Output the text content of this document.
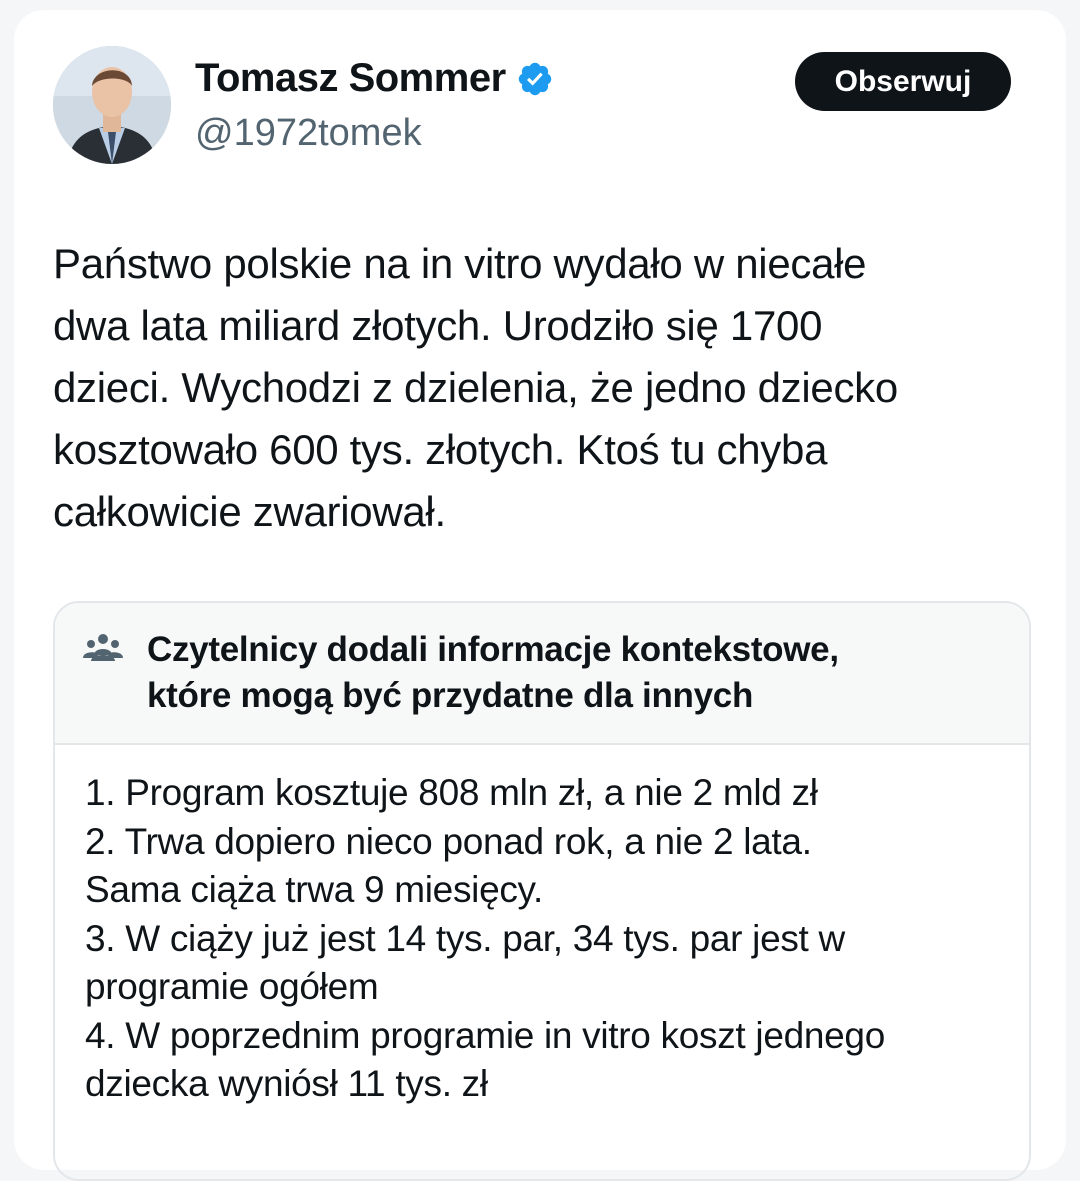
Tomasz Sommer
@1972tomek
Obserwuj

Państwo polskie na in vitro wydało w niecałe
dwa lata miliard złotych. Urodziło się 1700
dzieci. Wychodzi z dzielenia, że jedno dziecko
kosztowało 600 tys. złotych. Ktoś tu chyba
całkowicie zwariował.

Czytelnicy dodali informacje kontekstowe,
które mogą być przydatne dla innych
1. Program kosztuje 808 mln zł, a nie 2 mld zł
2. Trwa dopiero nieco ponad rok, a nie 2 lata.
Sama ciąża trwa 9 miesięcy.
3. W ciąży już jest 14 tys. par, 34 tys. par jest w
programie ogółem
4. W poprzednim programie in vitro koszt jednego
dziecka wyniósł 11 tys. zł
